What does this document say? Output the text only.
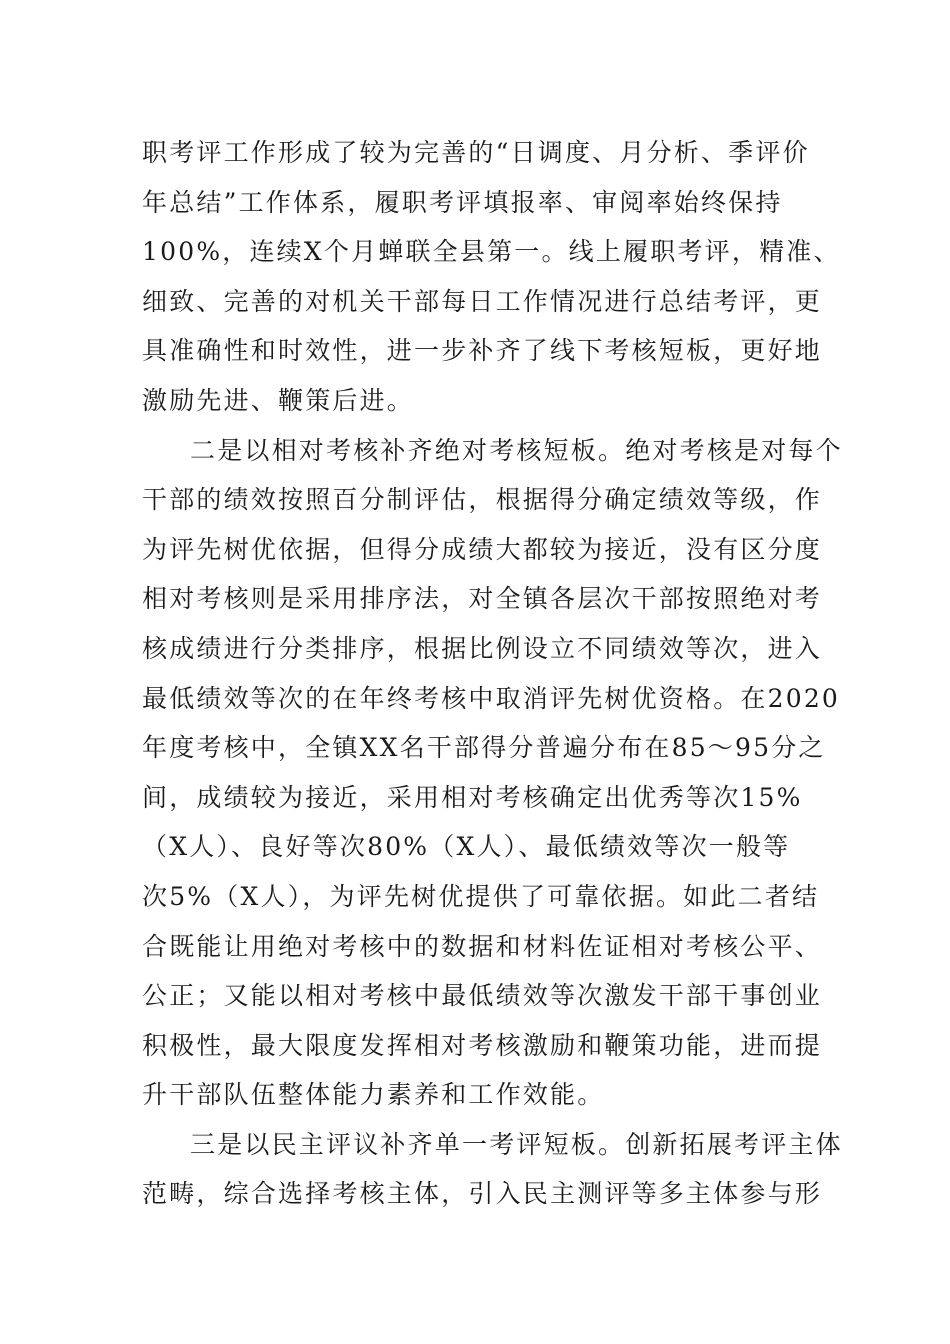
职考评工作形成了较为完善的“日调度、月分析、季评价
年总结”工作体系，履职考评填报率、审阅率始终保持
100%，连续X个月蝉联全县第一。线上履职考评，精准、
细致、完善的对机关干部每日工作情况进行总结考评，更
具准确性和时效性，进一步补齐了线下考核短板，更好地
激励先进、鞭策后进。
二是以相对考核补齐绝对考核短板。绝对考核是对每个
干部的绩效按照百分制评估，根据得分确定绩效等级，作
为评先树优依据，但得分成绩大都较为接近，没有区分度
相对考核则是采用排序法，对全镇各层次干部按照绝对考
核成绩进行分类排序，根据比例设立不同绩效等次，进入
最低绩效等次的在年终考核中取消评先树优资格。在2020
年度考核中，全镇XX名干部得分普遍分布在85～95分之
间，成绩较为接近，采用相对考核确定出优秀等次15%
（X人）、良好等次80%（X人）、最低绩效等次一般等
次5%（X人），为评先树优提供了可靠依据。如此二者结
合既能让用绝对考核中的数据和材料佐证相对考核公平、
公正；又能以相对考核中最低绩效等次激发干部干事创业
积极性，最大限度发挥相对考核激励和鞭策功能，进而提
升干部队伍整体能力素养和工作效能。
三是以民主评议补齐单一考评短板。创新拓展考评主体
范畴，综合选择考核主体，引入民主测评等多主体参与形
